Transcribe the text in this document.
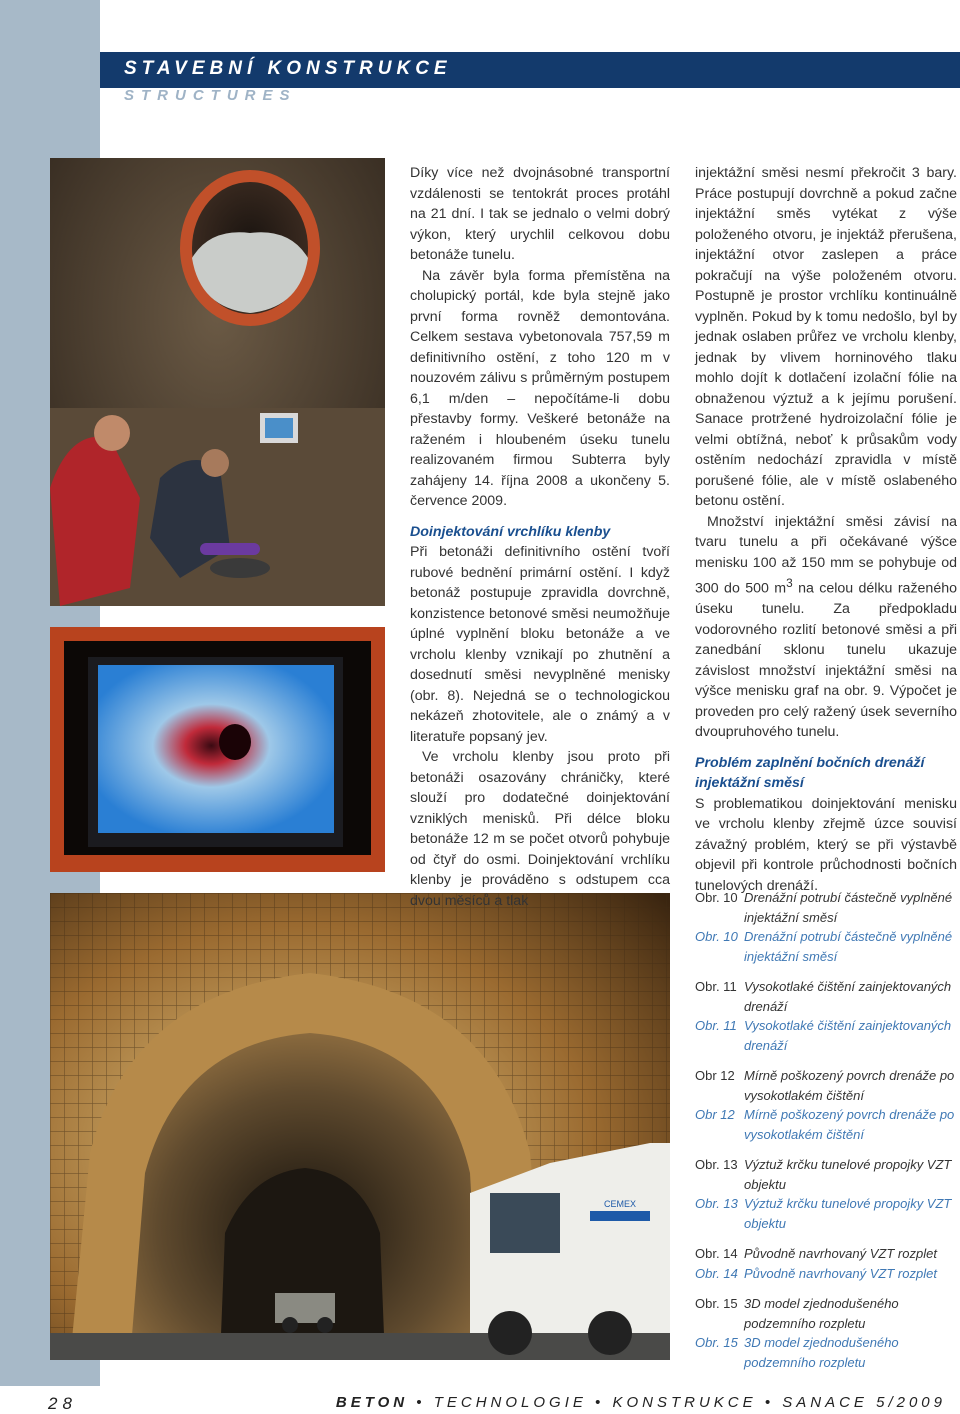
STAVEBNÍ KONSTRUKCE
STRUCTURES
CEMEX

Díky více než dvojnásobné transportní vzdálenosti se tentokrát proces protáhl na 21 dní. I tak se jednalo o velmi dobrý výkon, který urychlil celkovou dobu betonáže tunelu.

Na závěr byla forma přemístěna na cholupický portál, kde byla stejně jako první forma rovněž demontována. Celkem sestava vybetonovala 757,59 m definitivního ostění, z toho 120 m v nouzovém zálivu s průměrným postupem 6,1 m/den – nepočítáme-li dobu přestavby formy. Veškeré betonáže na raženém i hloubeném úseku tunelu realizovaném firmou Subterra byly zahájeny 14. října 2008 a ukončeny 5. července 2009.

Doinjektování vrchlíku klenby

Při betonáži definitivního ostění tvoří rubové bednění primární ostění. I když betonáž postupuje zpravidla dovrchně, konzistence betonové směsi neumožňuje úplné vyplnění bloku betonáže a ve vrcholu klenby vznikají po zhutnění a dosednutí směsi nevyplněné menisky (obr. 8). Nejedná se o technologickou nekázeň zhotovitele, ale o známý a v literatuře popsaný jev.

Ve vrcholu klenby jsou proto při betonáži osazovány chráničky, které slouží pro dodatečné doinjektování vzniklých menisků. Při délce bloku betonáže 12 m se počet otvorů pohybuje od čtyř do osmi. Doinjektování vrchlíku klenby je prováděno s odstupem cca dvou měsíců a tlak

injektážní směsi nesmí překročit 3 bary. Práce postupují dovrchně a pokud začne injektážní směs vytékat z výše položeného otvoru, je injektáž přerušena, injektážní otvor zaslepen a práce pokračují na výše položeném otvoru. Postupně je prostor vrchlíku kontinuálně vyplněn. Pokud by k tomu nedošlo, byl by jednak oslaben průřez ve vrcholu klenby, jednak by vlivem horninového tlaku mohlo dojít k dotlačení izolační fólie na obnaženou výztuž a k jejímu porušení. Sanace protržené hydroizolační fólie je velmi obtížná, neboť k průsakům vody ostěním nedochází zpravidla v místě porušené fólie, ale v místě oslabeného betonu ostění.

Množství injektážní směsi závisí na tvaru tunelu a při očekávané výšce menisku 100 až 150 mm se pohybuje od 300 do 500 $m^3$ na celou délku raženého úseku tunelu. Za předpokladu vodorovného rozlití betonové směsi a při zanedbání sklonu tunelu ukazuje závislost množství injektážní směsi na výšce menisku graf na obr. 9. Výpočet je proveden pro celý ražený úsek severního dvoupruhového tunelu.

Problém zaplnění bočních drenáží injektážní směsí

S problematikou doinjektování menisku ve vrcholu klenby zřejmě úzce souvisí závažný problém, který se při výstavbě objevil při kontrole průchodnosti bočních tunelových drenáží.

Obr. 10 Drenážní potrubí částečně vyplněné injektážní směsí
Obr. 10 Drenážní potrubí částečně vyplněné injektážní směsí
Obr. 11 Vysokotlaké čištění zainjektovaných drenáží
Obr. 11 Vysokotlaké čištění zainjektovaných drenáží
Obr 12 Mírně poškozený povrch drenáže po vysokotlakém čištění
Obr 12 Mírně poškozený povrch drenáže po vysokotlakém čištění
Obr. 13 Výztuž krčku tunelové propojky VZT objektu
Obr. 13 Výztuž krčku tunelové propojky VZT objektu
Obr. 14 Původně navrhovaný VZT rozplet
Obr. 14 Původně navrhovaný VZT rozplet
Obr. 15 3D model zjednodušeného podzemního rozpletu
Obr. 15 3D model zjednodušeného podzemního rozpletu
28	BETON • TECHNOLOGIE • KONSTRUKCE • SANACE 5/2009
